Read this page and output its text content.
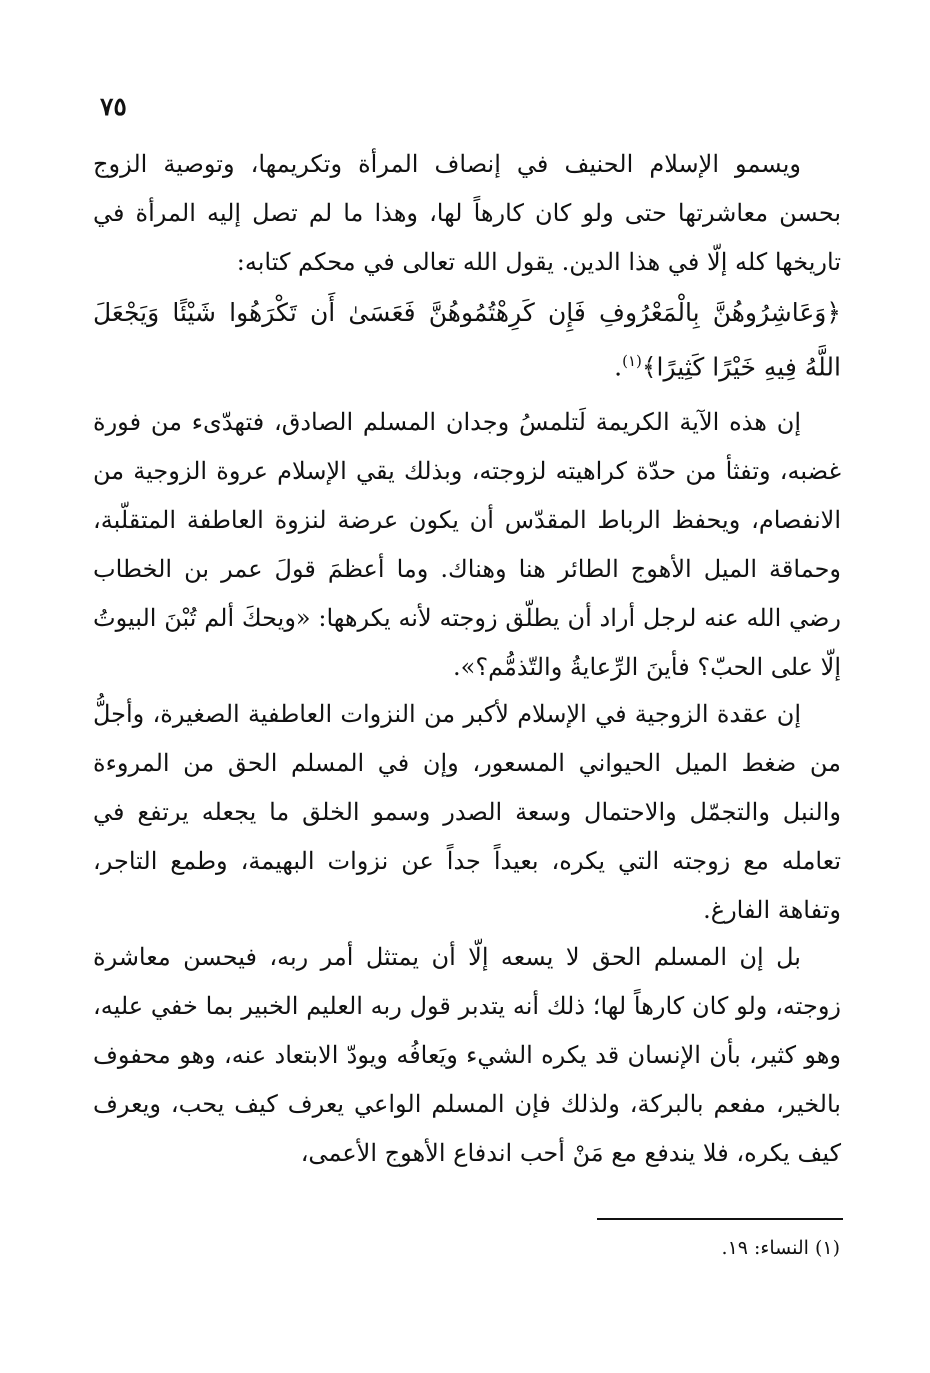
٧٥

ويسمو الإسلام الحنيف في إنصاف المرأة وتكريمها، وتوصية الزوج بحسن معاشرتها حتى ولو كان كارهاً لها، وهذا ما لم تصل إليه المرأة في تاريخها كله إلّا في هذا الدين. يقول الله تعالى في محكم كتابه:

﴿وَعَاشِرُوهُنَّ بِالْمَعْرُوفِ فَإِن كَرِهْتُمُوهُنَّ فَعَسَىٰ أَن تَكْرَهُوا شَيْئًا وَيَجْعَلَ اللَّهُ فِيهِ خَيْرًا كَثِيرًا﴾$^{(١)}$.

إن هذه الآية الكريمة لَتلمسُ وجدان المسلم الصادق، فتهدّىء من فورة غضبه، وتفثأ من حدّة كراهيته لزوجته، وبذلك يقي الإسلام عروة الزوجية من الانفصام، ويحفظ الرباط المقدّس أن يكون عرضة لنزوة العاطفة المتقلّبة، وحماقة الميل الأهوج الطائر هنا وهناك. وما أعظمَ قولَ عمر بن الخطاب رضي الله عنه لرجل أراد أن يطلّق زوجته لأنه يكرهها: «ويحكَ ألم تُبْنَ البيوتُ إلّا على الحبّ؟ فأينَ الرِّعايةُ والتّذمُّم؟».

إن عقدة الزوجية في الإسلام لأكبر من النزوات العاطفية الصغيرة، وأجلُّ من ضغط الميل الحيواني المسعور، وإن في المسلم الحق من المروءة والنبل والتجمّل والاحتمال وسعة الصدر وسمو الخلق ما يجعله يرتفع في تعامله مع زوجته التي يكره، بعيداً جداً عن نزوات البهيمة، وطمع التاجر، وتفاهة الفارغ.

بل إن المسلم الحق لا يسعه إلّا أن يمتثل أمر ربه، فيحسن معاشرة زوجته، ولو كان كارهاً لها؛ ذلك أنه يتدبر قول ربه العليم الخبير بما خفي عليه، وهو كثير، بأن الإنسان قد يكره الشيء ويَعافُه ويودّ الابتعاد عنه، وهو محفوف بالخير، مفعم بالبركة، ولذلك فإن المسلم الواعي يعرف كيف يحب، ويعرف كيف يكره، فلا يندفع مع مَنْ أحب اندفاع الأهوج الأعمى،

(١) النساء: ١٩.
